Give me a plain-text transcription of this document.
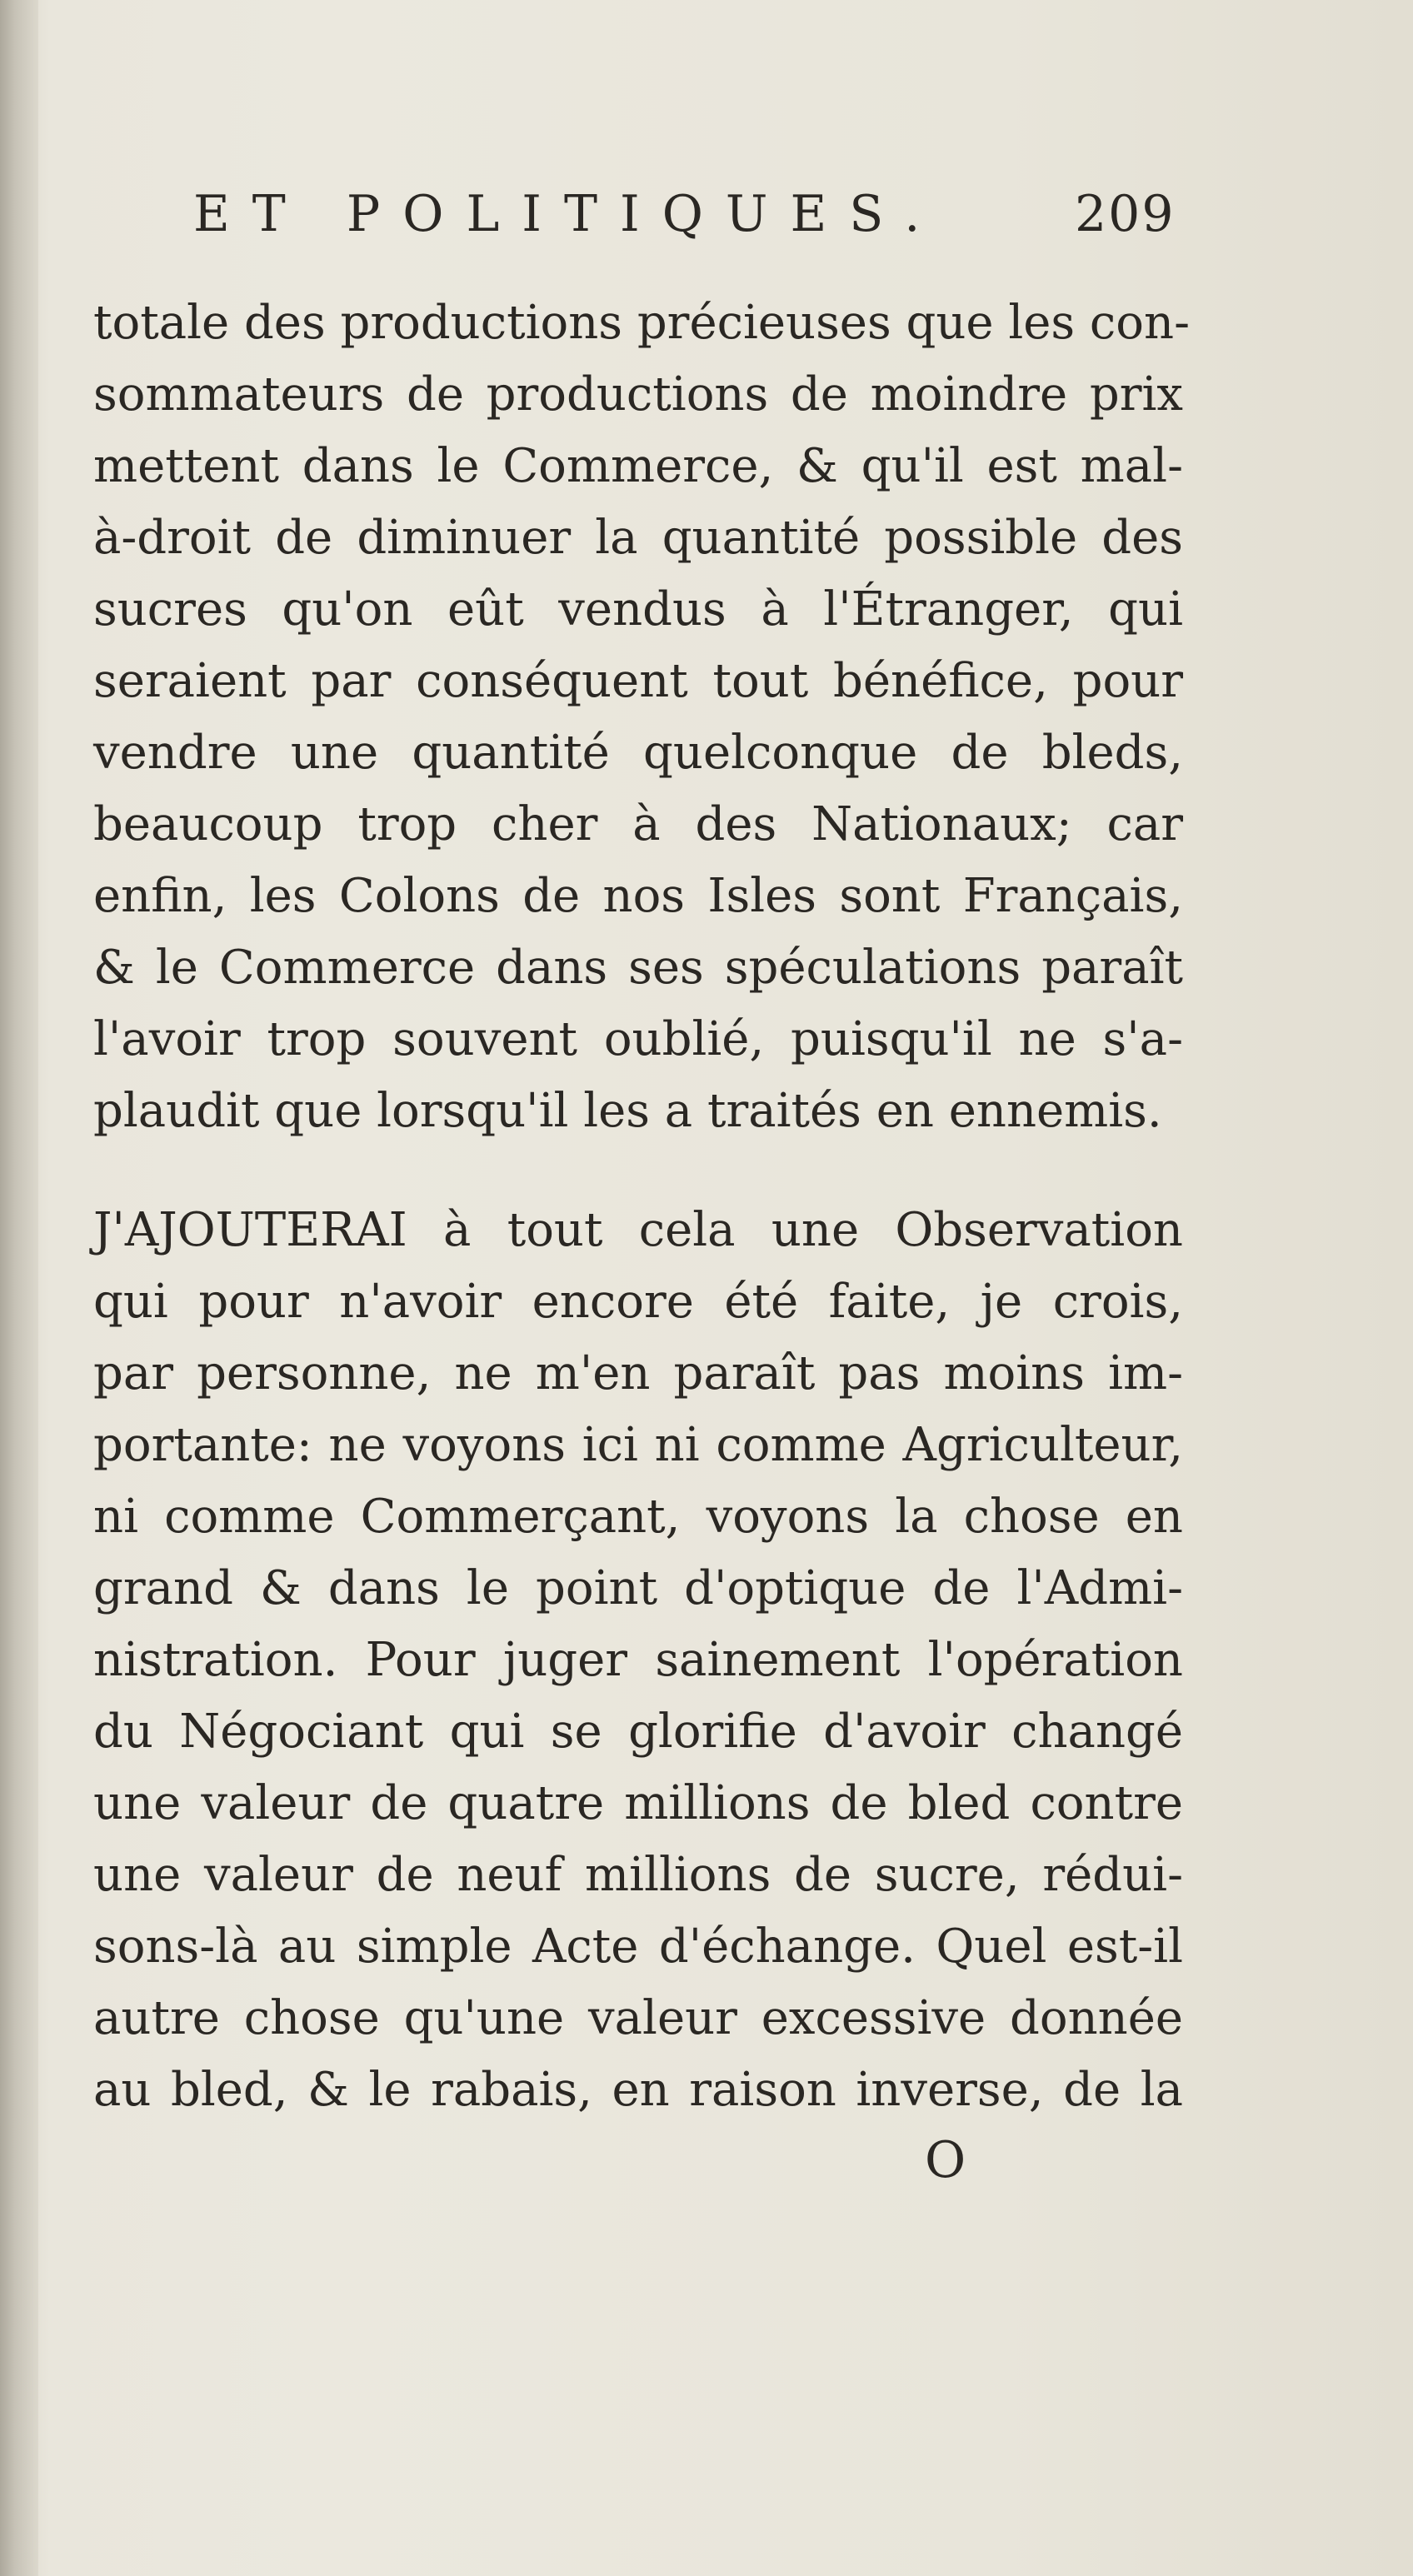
ET POLITIQUES.	209
totale des productions précieuses que les con-
sommateurs de productions de moindre prix
mettent dans le Commerce, & qu'il est mal-
à-droit de diminuer la quantité possible des
sucres qu'on eût vendus à l'Étranger, qui
seraient par conséquent tout bénéfice, pour
vendre une quantité quelconque de bleds,
beaucoup trop cher à des Nationaux; car
enfin, les Colons de nos Isles sont Français,
& le Commerce dans ses spéculations paraît
l'avoir trop souvent oublié, puisqu'il ne s'a-
plaudit que lorsqu'il les a traités en ennemis.
J'AJOUTERAI à tout cela une Observation
qui pour n'avoir encore été faite, je crois,
par personne, ne m'en paraît pas moins im-
portante: ne voyons ici ni comme Agriculteur,
ni comme Commerçant, voyons la chose en
grand & dans le point d'optique de l'Admi-
nistration. Pour juger sainement l'opération
du Négociant qui se glorifie d'avoir changé
une valeur de quatre millions de bled contre
une valeur de neuf millions de sucre, rédui-
sons-là au simple Acte d'échange. Quel est-il
autre chose qu'une valeur excessive donnée
au bled, & le rabais, en raison inverse, de la
O
